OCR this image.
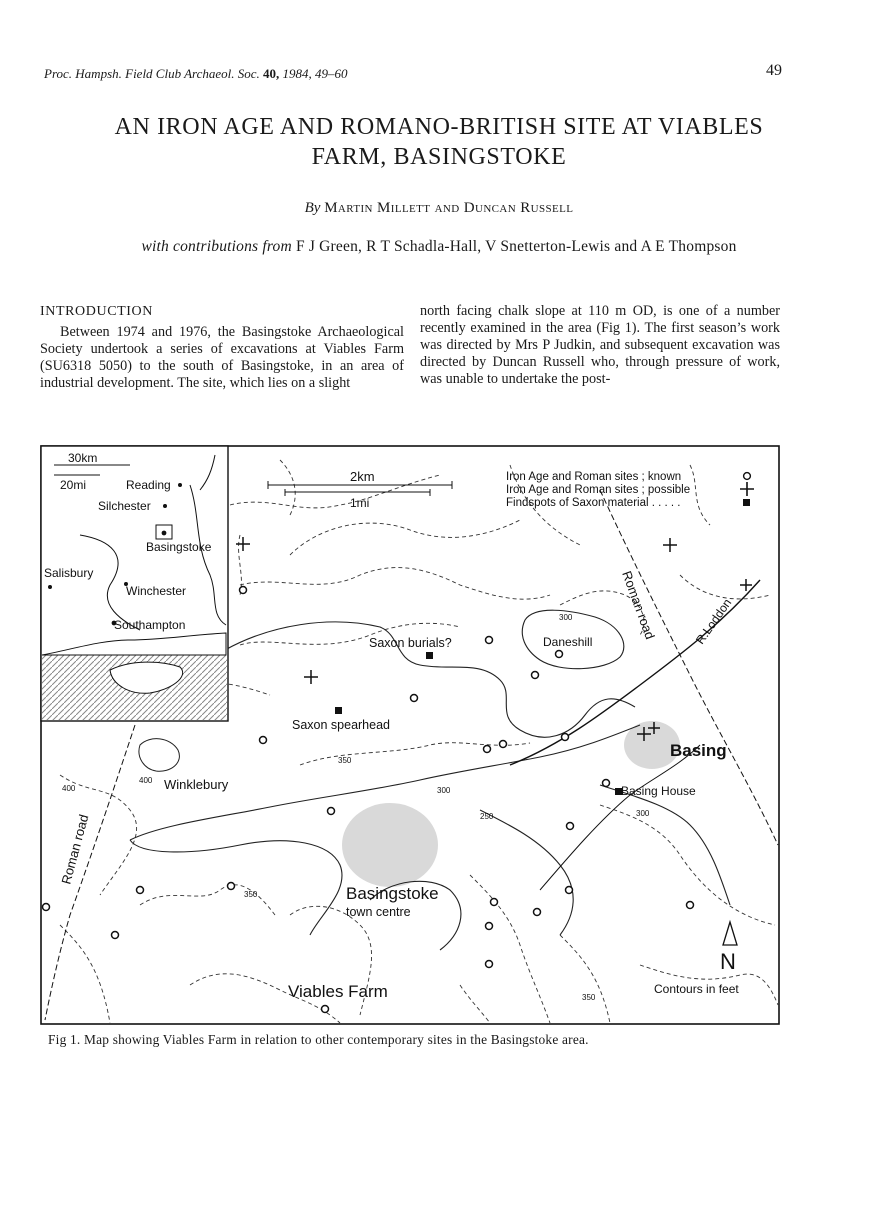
Proc. Hampsh. Field Club Archaeol. Soc. 40, 1984, 49–60	49
AN IRON AGE AND ROMANO-BRITISH SITE AT VIABLES
FARM, BASINGSTOKE
By Martin Millett and Duncan Russell
with contributions from F J Green, R T Schadla-Hall, V Snetterton-Lewis and A E Thompson
INTRODUCTION

Between 1974 and 1976, the Basingstoke Archaeological Society undertook a series of excavations at Viables Farm (SU6318 5050) to the south of Basingstoke, in an area of industrial development. The site, which lies on a slight

north facing chalk slope at 110 m OD, is one of a number recently examined in the area (Fig 1). The first season’s work was directed by Mrs P Judkin, and subsequent excavation was directed by Duncan Russell who, through pressure of work, was unable to undertake the post-

30km
20mi	Reading
Silchester
Basingstoke
Salisbury
Winchester
Southampton
2km
1mi
Iron Age and Roman sites ; known
Iron Age and Roman sites ; possible
Findspots of Saxon material . . . . .
Saxon burials?
Saxon spearhead
Daneshill
Basing
Basing House
Winklebury
Basingstoke
town centre
Viables Farm
Roman road
Roman road
R.Loddon
400
400
350
300
250
300
300
350
350
N
Contours in feet
Fig 1. Map showing Viables Farm in relation to other contemporary sites in the Basingstoke area.
